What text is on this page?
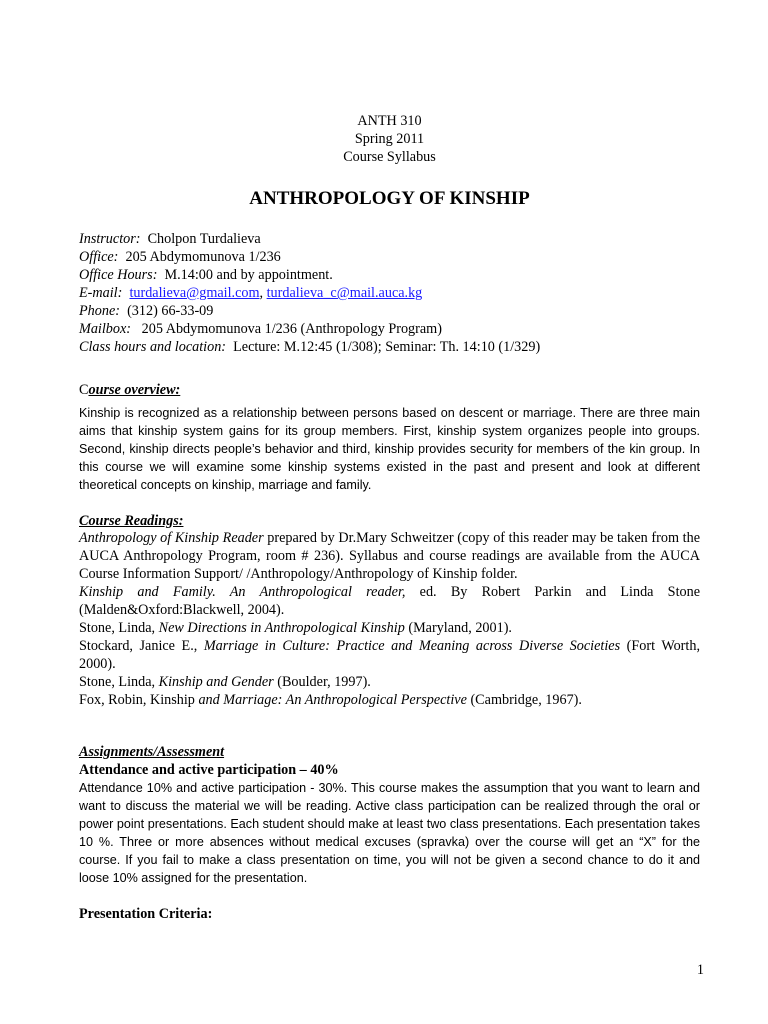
ANTH 310
Spring 2011
Course Syllabus
ANTHROPOLOGY OF KINSHIP
Instructor: Cholpon Turdalieva
Office: 205 Abdymomunova 1/236
Office Hours: M.14:00 and by appointment.
E-mail: turdalieva@gmail.com, turdalieva_c@mail.auca.kg
Phone: (312) 66-33-09
Mailbox: 205 Abdymomunova 1/236 (Anthropology Program)
Class hours and location: Lecture: M.12:45 (1/308); Seminar: Th. 14:10 (1/329)
Course overview:
Kinship is recognized as a relationship between persons based on descent or marriage. There are three main aims that kinship system gains for its group members. First, kinship system organizes people into groups. Second, kinship directs people’s behavior and third, kinship provides security for members of the kin group. In this course we will examine some kinship systems existed in the past and present and look at different theoretical concepts on kinship, marriage and family.
Course Readings:
Anthropology of Kinship Reader prepared by Dr.Mary Schweitzer (copy of this reader may be taken from the AUCA Anthropology Program, room # 236). Syllabus and course readings are available from the AUCA Course Information Support/ /Anthropology/Anthropology of Kinship folder.
Kinship and Family. An Anthropological reader, ed. By Robert Parkin and Linda Stone (Malden&Oxford:Blackwell, 2004).
Stone, Linda, New Directions in Anthropological Kinship (Maryland, 2001).
Stockard, Janice E., Marriage in Culture: Practice and Meaning across Diverse Societies (Fort Worth, 2000).
Stone, Linda, Kinship and Gender (Boulder, 1997).
Fox, Robin, Kinship and Marriage: An Anthropological Perspective (Cambridge, 1967).
Assignments/Assessment
Attendance and active participation – 40%
Attendance 10% and active participation - 30%. This course makes the assumption that you want to learn and want to discuss the material we will be reading. Active class participation can be realized through the oral or power point presentations. Each student should make at least two class presentations. Each presentation takes 10 %. Three or more absences without medical excuses (spravka) over the course will get an “X” for the course. If you fail to make a class presentation on time, you will not be given a second chance to do it and loose 10% assigned for the presentation.
Presentation Criteria:
1
